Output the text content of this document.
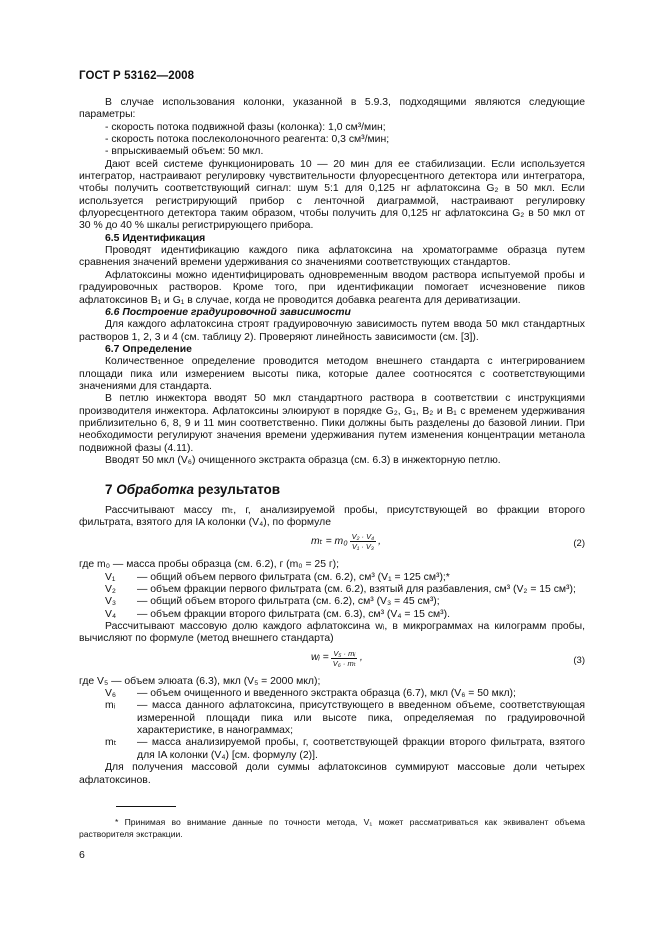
ГОСТ Р 53162—2008

В случае использования колонки, указанной в 5.9.3, подходящими являются следующие параметры:

- скорость потока подвижной фазы (колонка): 1,0 см³/мин;

- скорость потока послеколоночного реагента: 0,3 см³/мин;

- впрыскиваемый объем: 50 мкл.

Дают всей системе функционировать 10 — 20 мин для ее стабилизации. Если используется интегратор, настраивают регулировку чувствительности флуоресцентного детектора или интегратора, чтобы получить соответствующий сигнал: шум 5:1 для 0,125 нг афлатоксина G₂ в 50 мкл. Если используется регистрирующий прибор с ленточной диаграммой, настраивают регулировку флуоресцентного детектора таким образом, чтобы получить для 0,125 нг афлатоксина G₂ в 50 мкл от 30 % до 40 % шкалы регистрирующего прибора.

6.5 Идентификация

Проводят идентификацию каждого пика афлатоксина на хроматограмме образца путем сравнения значений времени удерживания со значениями соответствующих стандартов.

Афлатоксины можно идентифицировать одновременным вводом раствора испытуемой пробы и градуировочных растворов. Кроме того, при идентификации помогает исчезновение пиков афлатоксинов B₁ и G₁ в случае, когда не проводится добавка реагента для дериватизации.

6.6 Построение градуировочной зависимости

Для каждого афлатоксина строят градуировочную зависимость путем ввода 50 мкл стандартных растворов 1, 2, 3 и 4 (см. таблицу 2). Проверяют линейность зависимости (см. [3]).

6.7 Определение

Количественное определение проводится методом внешнего стандарта с интегрированием площади пика или измерением высоты пика, которые далее соотносятся с соответствующими значениями для стандарта.

В петлю инжектора вводят 50 мкл стандартного раствора в соответствии с инструкциями производителя инжектора. Афлатоксины элюируют в порядке G₂, G₁, B₂ и B₁ с временем удерживания приблизительно 6, 8, 9 и 11 мин соответственно. Пики должны быть разделены до базовой линии. При необходимости регулируют значения времени удерживания путем изменения концентрации метанола подвижной фазы (4.11).

Вводят 50 мкл (V₆) очищенного экстракта образца (см. 6.3) в инжекторную петлю.

7 Обработка результатов

Рассчитывают массу mₜ, г, анализируемой пробы, присутствующей во фракции второго фильтрата, взятого для IA колонки (V₄), по формуле

$m_t = m_0 \frac{\text{V₂ · V₄}}{\text{V₁ · V₃}}$ ,	(2)

где m₀ — масса пробы образца (см. 6.2), г (m₀ = 25 г);

V₁	— общий объем первого фильтрата (см. 6.2), см³ (V₁ = 125 см³);*

V₂	— объем фракции первого фильтрата (см. 6.2), взятый для разбавления, см³ (V₂ = 15 см³);

V₃	— общий объем второго фильтрата (см. 6.2), см³ (V₃ = 45 см³);

V₄	— объем фракции второго фильтрата (см. 6.3), см³ (V₄ = 15 см³).

Рассчитывают массовую долю каждого афлатоксина wᵢ, в микрограммах на килограмм пробы, вычисляют по формуле (метод внешнего стандарта)

wᵢ = $\frac{\text{V₅ · mᵢ}}{\text{V₆ · mₜ}}$ ,	(3)

где V₅ — объем элюата (6.3), мкл (V₅ = 2000 мкл);

V₆	— объем очищенного и введенного экстракта образца (6.7), мкл (V₆ = 50 мкл);

mᵢ	— масса данного афлатоксина, присутствующего в введенном объеме, соответствующая измеренной площади пика или высоте пика, определяемая по градуировочной характеристике, в нанограммах;

mₜ	— масса анализируемой пробы, г, соответствующей фракции второго фильтрата, взятого для IA колонки (V₄) [см. формулу (2)].

Для получения массовой доли суммы афлатоксинов суммируют массовые доли четырех афлатоксинов.

* Принимая во внимание данные по точности метода, V₁ может рассматриваться как эквивалент объема растворителя экстракции.
6
